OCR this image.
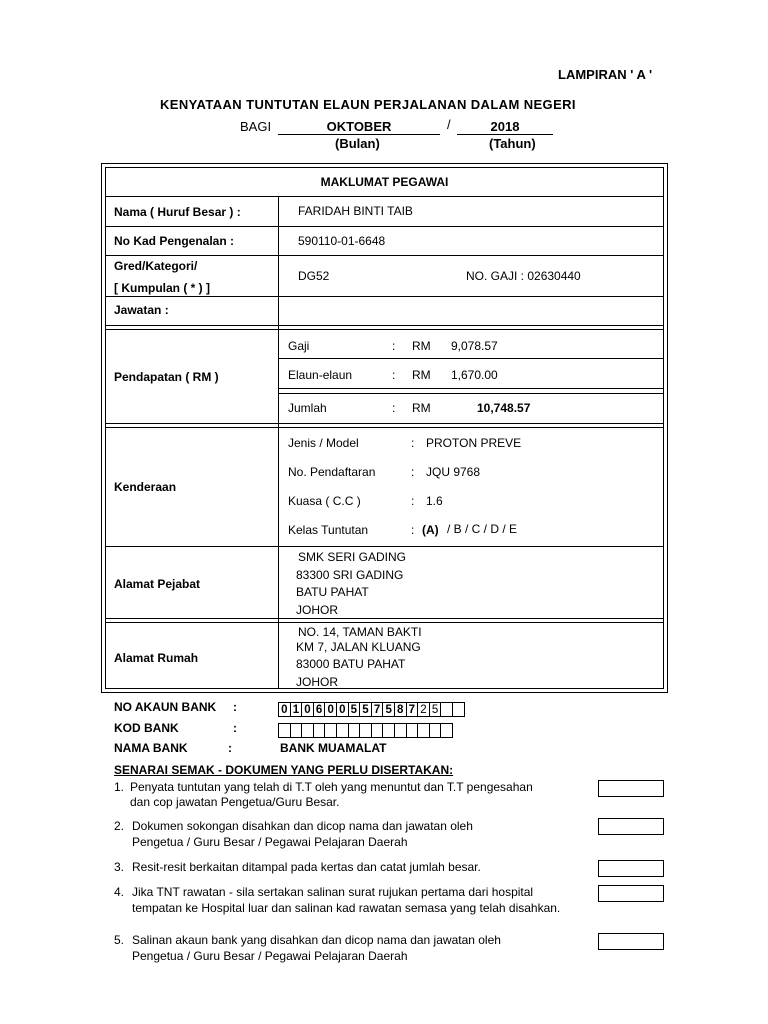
LAMPIRAN ' A '
KENYATAAN TUNTUTAN ELAUN PERJALANAN DALAM NEGERI
BAGI	OKTOBER	/	2018
(Bulan)	(Tahun)
MAKLUMAT PEGAWAI
Nama ( Huruf Besar ) :	FARIDAH BINTI TAIB
No Kad Pengenalan :	590110-01-6648
Gred/Kategori/
[ Kumpulan ( * ) ]
DG52	NO. GAJI : 02630440
Jawatan :
Pendapatan ( RM )
Gaji	: RM 9,078.57
Elaun-elaun	: RM 1,670.00
Jumlah	: RM	10,748.57
Kenderaan
Jenis / Model	: PROTON PREVE
No. Pendaftaran	: JQU 9768
Kuasa ( C.C )	: 1.6
Kelas Tuntutan	: (A) / B / C / D / E
Alamat Pejabat
SMK SERI GADING
83300 SRI GADING
BATU PAHAT
JOHOR
Alamat Rumah
NO. 14, TAMAN BAKTI
KM 7, JALAN KLUANG
83000 BATU PAHAT
JOHOR
NO AKAUN BANK :	0 1 0 6 0 0 5 5 7 5 8 7 2 5
KOD BANK	:
NAMA BANK	:	BANK MUAMALAT
SENARAI SEMAK - DOKUMEN YANG PERLU DISERTAKAN:
1. Penyata tuntutan yang telah di T.T oleh yang menuntut dan T.T pengesahan
dan cop jawatan Pengetua/Guru Besar.
2. Dokumen sokongan disahkan dan dicop nama dan jawatan oleh
Pengetua / Guru Besar / Pegawai Pelajaran Daerah
3. Resit-resit berkaitan ditampal pada kertas dan catat jumlah besar.
4. Jika TNT rawatan - sila sertakan salinan surat rujukan pertama dari hospital
tempatan ke Hospital luar dan salinan kad rawatan semasa yang telah disahkan.
5. Salinan akaun bank yang disahkan dan dicop nama dan jawatan oleh
Pengetua / Guru Besar / Pegawai Pelajaran Daerah
